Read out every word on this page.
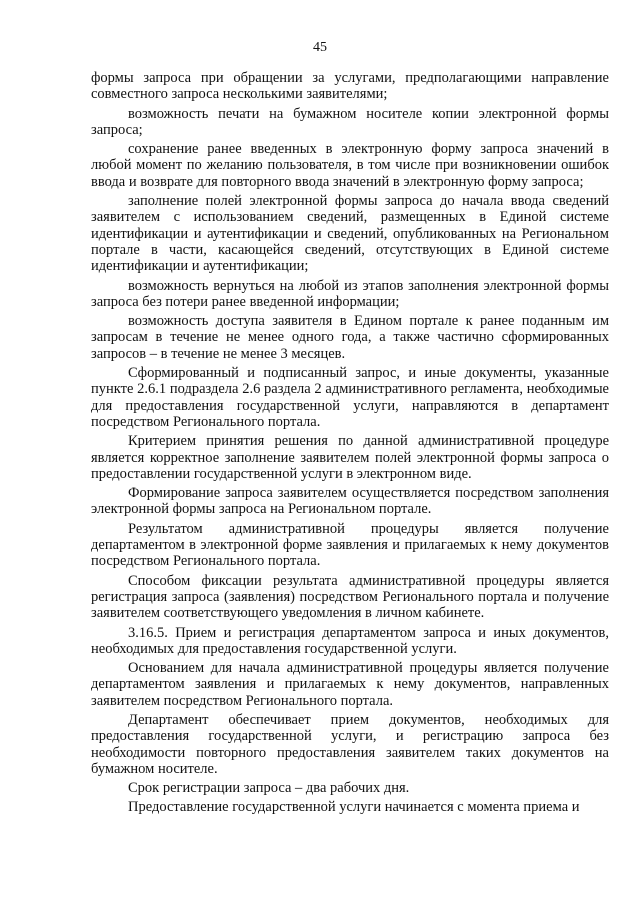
45

формы запроса при обращении за услугами, предполагающими направление совместного запроса несколькими заявителями;

возможность печати на бумажном носителе копии электронной формы запроса;

сохранение ранее введенных в электронную форму запроса значений в любой момент по желанию пользователя, в том числе при возникновении ошибок ввода и возврате для повторного ввода значений в электронную форму запроса;

заполнение полей электронной формы запроса до начала ввода сведений заявителем с использованием сведений, размещенных в Единой системе идентификации и аутентификации и сведений, опубликованных на Региональном портале в части, касающейся сведений, отсутствующих в Единой системе идентификации и аутентификации;

возможность вернуться на любой из этапов заполнения электронной формы запроса без потери ранее введенной информации;

возможность доступа заявителя в Едином портале к ранее поданным им запросам в течение не менее одного года, а также частично сформированных запросов – в течение не менее 3 месяцев.

Сформированный и подписанный запрос, и иные документы, указанные пункте 2.6.1 подраздела 2.6 раздела 2 административного регламента, необходимые для предоставления государственной услуги, направляются в департамент посредством Регионального портала.

Критерием принятия решения по данной административной процедуре является корректное заполнение заявителем полей электронной формы запроса о предоставлении государственной услуги в электронном виде.

Формирование запроса заявителем осуществляется посредством заполнения электронной формы запроса на Региональном портале.

Результатом административной процедуры является получение департаментом в электронной форме заявления и прилагаемых к нему документов посредством Регионального портала.

Способом фиксации результата административной процедуры является регистрация запроса (заявления) посредством Регионального портала и получение заявителем соответствующего уведомления в личном кабинете.

3.16.5. Прием и регистрация департаментом запроса и иных документов, необходимых для предоставления государственной услуги.

Основанием для начала административной процедуры является получение департаментом заявления и прилагаемых к нему документов, направленных заявителем посредством Регионального портала.

Департамент обеспечивает прием документов, необходимых для предоставления государственной услуги, и регистрацию запроса без необходимости повторного предоставления заявителем таких документов на бумажном носителе.

Срок регистрации запроса – два рабочих дня.

Предоставление государственной услуги начинается с момента приема и
